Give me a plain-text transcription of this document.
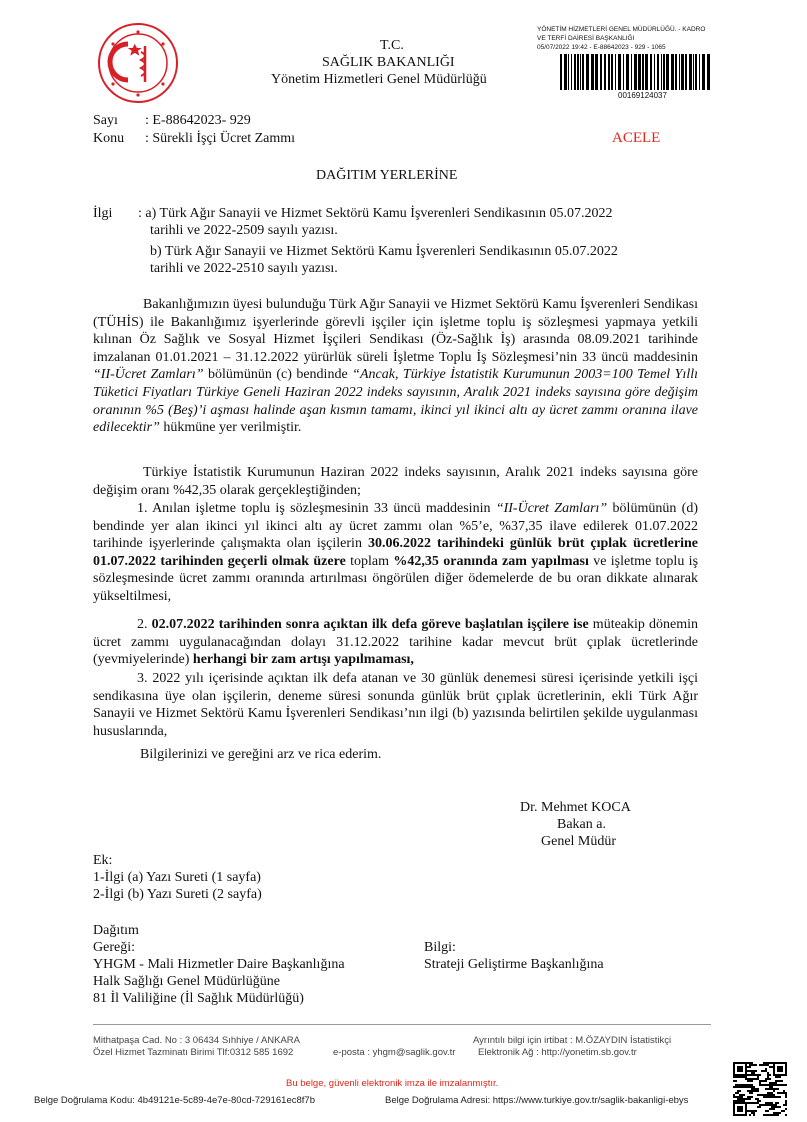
T.C.
SAĞLIK BAKANLIĞI
Yönetim Hizmetleri Genel Müdürlüğü
YÖNETİM HİZMETLERİ GENEL MÜDÜRLÜĞÜ. - KADRO
VE TERFİ DAİRESİ BAŞKANLIĞI
05/07/2022 19:42 - E-88642023 - 929 - 1065
00169124037
Sayı : E-88642023- 929
Konu : Sürekli İşçi Ücret Zammı	ACELE
DAĞITIM YERLERİNE
İlgi : a) Türk Ağır Sanayii ve Hizmet Sektörü Kamu İşverenleri Sendikasının 05.07.2022
tarihli ve 2022-2509 sayılı yazısı.
b) Türk Ağır Sanayii ve Hizmet Sektörü Kamu İşverenleri Sendikasının 05.07.2022
tarihli ve 2022-2510 sayılı yazısı.

Bakanlığımızın üyesi bulunduğu Türk Ağır Sanayii ve Hizmet Sektörü Kamu İşverenleri Sendikası (TÜHİS) ile Bakanlığımız işyerlerinde görevli işçiler için işletme toplu iş sözleşmesi yapmaya yetkili kılınan Öz Sağlık ve Sosyal Hizmet İşçileri Sendikası (Öz-Sağlık İş) arasında 08.09.2021 tarihinde imzalanan 01.01.2021 – 31.12.2022 yürürlük süreli İşletme Toplu İş Sözleşmesi’nin 33 üncü maddesinin “II-Ücret Zamları” bölümünün (c) bendinde “Ancak, Türkiye İstatistik Kurumunun 2003=100 Temel Yıllı Tüketici Fiyatları Türkiye Geneli Haziran 2022 indeks sayısının, Aralık 2021 indeks sayısına göre değişim oranının %5 (Beş)’i aşması halinde aşan kısmın tamamı, ikinci yıl ikinci altı ay ücret zammı oranına ilave edilecektir” hükmüne yer verilmiştir.

Türkiye İstatistik Kurumunun Haziran 2022 indeks sayısının, Aralık 2021 indeks sayısına göre değişim oranı %42,35 olarak gerçekleştiğinden;

1. Anılan işletme toplu iş sözleşmesinin 33 üncü maddesinin “II-Ücret Zamları” bölümünün (d) bendinde yer alan ikinci yıl ikinci altı ay ücret zammı olan %5’e, %37,35 ilave edilerek 01.07.2022 tarihinde işyerlerinde çalışmakta olan işçilerin 30.06.2022 tarihindeki günlük brüt çıplak ücretlerine 01.07.2022 tarihinden geçerli olmak üzere toplam %42,35 oranında zam yapılması ve işletme toplu iş sözleşmesinde ücret zammı oranında artırılması öngörülen diğer ödemelerde de bu oran dikkate alınarak yükseltilmesi,

2. 02.07.2022 tarihinden sonra açıktan ilk defa göreve başlatılan işçilere ise müteakip dönemin ücret zammı uygulanacağından dolayı 31.12.2022 tarihine kadar mevcut brüt çıplak ücretlerinde (yevmiyelerinde) herhangi bir zam artışı yapılmaması,

3. 2022 yılı içerisinde açıktan ilk defa atanan ve 30 günlük denemesi süresi içerisinde yetkili işçi sendikasına üye olan işçilerin, deneme süresi sonunda günlük brüt çıplak ücretlerinin, ekli Türk Ağır Sanayii ve Hizmet Sektörü Kamu İşverenleri Sendikası’nın ilgi (b) yazısında belirtilen şekilde uygulanması hususlarında,

Bilgilerinizi ve gereğini arz ve rica ederim.
Dr. Mehmet KOCA
Bakan a.
Genel Müdür
Ek:
1-İlgi (a) Yazı Sureti (1 sayfa)
2-İlgi (b) Yazı Sureti (2 sayfa)
Dağıtım
Gereği:
YHGM - Mali Hizmetler Daire Başkanlığına
Halk Sağlığı Genel Müdürlüğüne
81 İl Valiliğine (İl Sağlık Müdürlüğü)
Bilgi:
Strateji Geliştirme Başkanlığına
Mithatpaşa Cad. No : 3 06434 Sıhhiye / ANKARA	Ayrıntılı bilgi için irtibat : M.ÖZAYDIN İstatistikçi
Özel Hizmet Tazminatı Birimi Tlf:0312 585 1692	e-posta : yhgm@saglik.gov.tr Elektronik Ağ : http://yonetim.sb.gov.tr
Bu belge, güvenli elektronik imza ile imzalanmıştır.
Belge Doğrulama Kodu: 4b49121e-5c89-4e7e-80cd-729161ec8f7b	Belge Doğrulama Adresi: https://www.turkiye.gov.tr/saglik-bakanligi-ebys
